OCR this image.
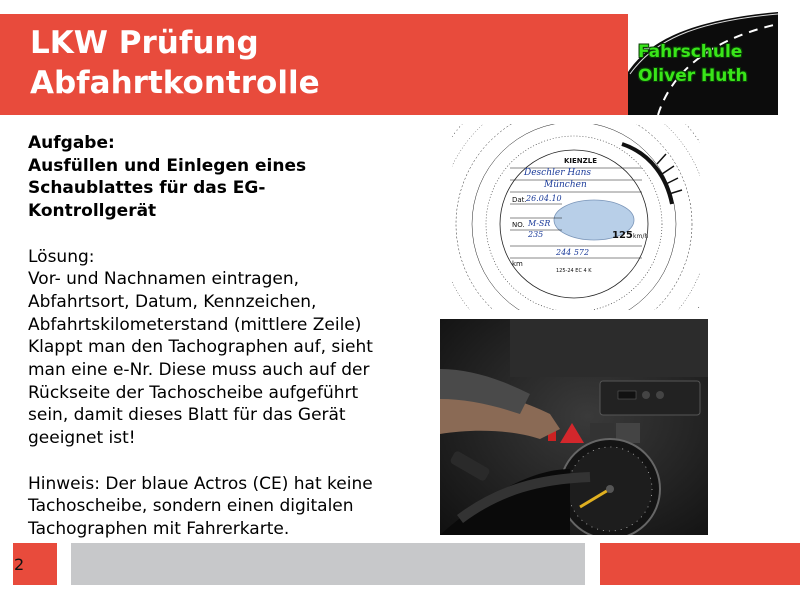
LKW Prüfung
Abfahrtkontrolle
Fahrschule
Oliver Huth
Aufgabe:
Ausfüllen und Einlegen eines
Schaublattes für das EG-
Kontrollgerät
Lösung:
Vor- und Nachnamen eintragen,
Abfahrtsort, Datum, Kennzeichen,
Abfahrtskilometerstand (mittlere Zeile)
Klappt man den Tachographen auf, sieht
man eine e-Nr. Diese muss auch auf der
Rückseite der Tachoscheibe aufgeführt
sein, damit dieses Blatt für das Gerät
geeignet ist!
Hinweis: Der blaue Actros (CE) hat keine
Tachoscheibe, sondern einen digitalen
Tachographen mit Fahrerkarte.
KIENZLE
Deschler Hans
München
Dat. 26.04.10
NO. M-SR
235	125 km/h
km
244 572
125-24 EC 4 K
2
